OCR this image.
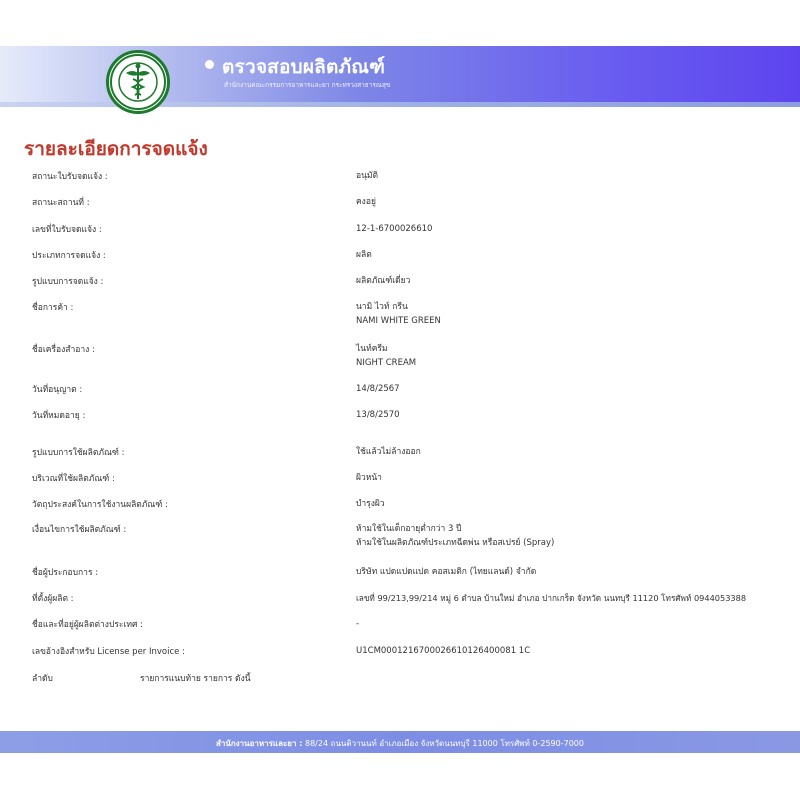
ตรวจสอบผลิตภัณฑ์
สำนักงานคณะกรรมการอาหารและยา กระทรวงสาธารณสุข
รายละเอียดการจดแจ้ง
สถานะใบรับจดแจ้ง :	อนุมัติ
สถานะสถานที่ :	คงอยู่
เลขที่ใบรับจดแจ้ง :	12-1-6700026610
ประเภทการจดแจ้ง :	ผลิต
รูปแบบการจดแจ้ง :	ผลิตภัณฑ์เดี่ยว
ชื่อการค้า :	นามิ ไวท์ กรีน
NAMI WHITE GREEN
ชื่อเครื่องสำอาง :	ไนท์ครีม
NIGHT CREAM
วันที่อนุญาต :	14/8/2567
วันที่หมดอายุ :	13/8/2570
รูปแบบการใช้ผลิตภัณฑ์ :	ใช้แล้วไม่ล้างออก
บริเวณที่ใช้ผลิตภัณฑ์ :	ผิวหน้า
วัตถุประสงค์ในการใช้งานผลิตภัณฑ์ :	บำรุงผิว
เงื่อนไขการใช้ผลิตภัณฑ์ :	ห้ามใช้ในเด็กอายุต่ำกว่า 3 ปี
ห้ามใช้ในผลิตภัณฑ์ประเภทฉีดพ่น หรือสเปรย์ (Spray)
ชื่อผู้ประกอบการ :	บริษัท แปดแปดแปด คอสเมติก (ไทยแลนด์) จำกัด
ที่ตั้งผู้ผลิต :	เลขที่ 99/213,99/214 หมู่ 6 ตำบล บ้านใหม่ อำเภอ ปากเกร็ด จังหวัด นนทบุรี 11120 โทรศัพท์ 0944053388
ชื่อและที่อยู่ผู้ผลิตต่างประเทศ :	-
เลขอ้างอิงสำหรับ License per Invoice :	U1CM0001216700026610126400081 1C
ลำดับ	รายการแนบท้าย รายการ ดังนี้
สำนักงานอาหารและยา : 88/24 ถนนติวานนท์ อำเภอเมือง จังหวัดนนทบุรี 11000 โทรศัพท์ 0-2590-7000
